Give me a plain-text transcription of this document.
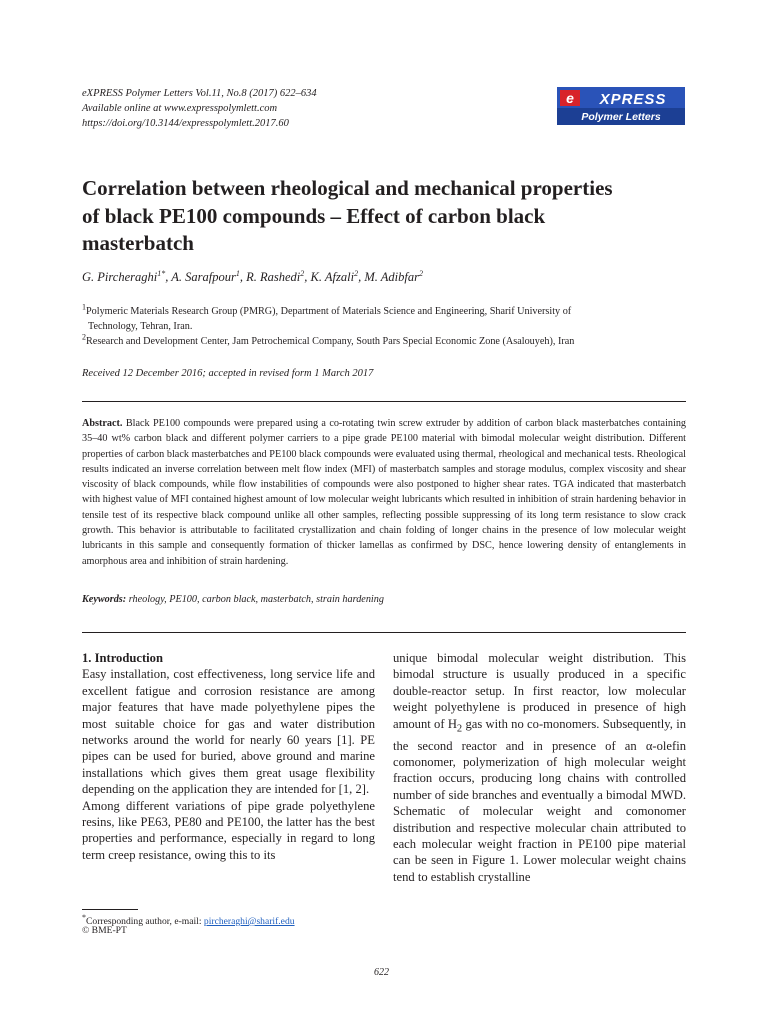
eXPRESS Polymer Letters Vol.11, No.8 (2017) 622–634
Available online at www.expresspolymlett.com
https://doi.org/10.3144/expresspolymlett.2017.60
e XPRESS
Polymer Letters
Correlation between rheological and mechanical properties
of black PE100 compounds – Effect of carbon black
masterbatch
G. Pircheraghi$^{1*}$, A. Sarafpour$^1$, R. Rashedi$^2$, K. Afzali$^2$, M. Adibfar$^2$
$^1$Polymeric Materials Research Group (PMRG), Department of Materials Science and Engineering, Sharif University of
Technology, Tehran, Iran.
$^2$Research and Development Center, Jam Petrochemical Company, South Pars Special Economic Zone (Asalouyeh), Iran
Received 12 December 2016; accepted in revised form 1 March 2017
Abstract. Black PE100 compounds were prepared using a co-rotating twin screw extruder by addition of carbon black masterbatches containing 35–40 wt% carbon black and different polymer carriers to a pipe grade PE100 material with bimodal molecular weight distribution. Different properties of carbon black masterbatches and PE100 black compounds were evaluated using thermal, rheological and mechanical tests. Rheological results indicated an inverse correlation between melt flow index (MFI) of masterbatch samples and storage modulus, complex viscosity and shear viscosity of black compounds, while flow instabilities of compounds were also postponed to higher shear rates. TGA indicated that masterbatch with highest value of MFI contained highest amount of low molecular weight lubricants which resulted in inhibition of strain hardening behavior in tensile test of its respective black compound unlike all other samples, reflecting possible suppressing of its long term resistance to slow crack growth. This behavior is attributable to facilitated crystallization and chain folding of longer chains in the presence of low molecular weight lubricants in this sample and consequently formation of thicker lamellas as confirmed by DSC, hence lowering density of entanglements in amorphous area and inhibition of strain hardening.
Keywords: rheology, PE100, carbon black, masterbatch, strain hardening
1. Introduction

Easy installation, cost effectiveness, long service life and excellent fatigue and corrosion resistance are among major features that have made polyethylene pipes the most suitable choice for gas and water distribution networks around the world for nearly 60 years [1]. PE pipes can be used for buried, above ground and marine installations which gives them great usage flexibility depending on the application they are intended for [1, 2].

Among different variations of pipe grade polyethylene resins, like PE63, PE80 and PE100, the latter has the best properties and performance, especially in regard to long term creep resistance, owing this to its

unique bimodal molecular weight distribution. This bimodal structure is usually produced in a specific double-reactor setup. In first reactor, low molecular weight polyethylene is produced in presence of high amount of $H_2$ gas with no co-monomers. Subsequently, in the second reactor and in presence of an α-olefin comonomer, polymerization of high molecular weight fraction occurs, producing long chains with controlled number of side branches and eventually a bimodal MWD. Schematic of molecular weight and comonomer distribution and respective molecular chain attributed to each molecular weight fraction in PE100 pipe material can be seen in Figure 1. Lower molecular weight chains tend to establish crystalline

*Corresponding author, e-mail: pircheraghi@sharif.edu
© BME-PT
622
